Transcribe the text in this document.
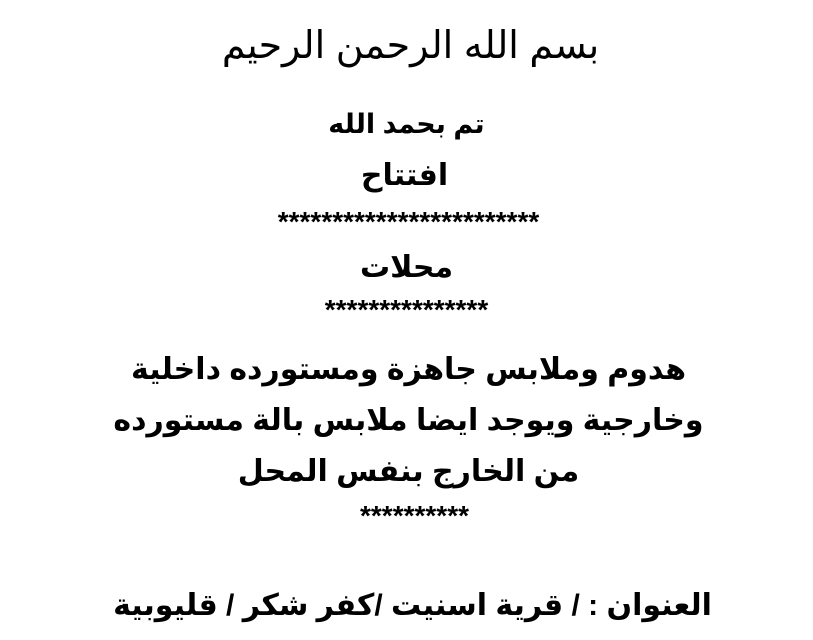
بسم الله الرحمن الرحيم
تم بحمد الله
افتتاح
************************
محلات
***************
هدوم وملابس جاهزة ومستورده داخلية وخارجية ويوجد ايضا ملابس بالة مستورده من الخارج بنفس المحل
**********
العنوان : / قرية اسنيت /كفر شكر / قليوبية
